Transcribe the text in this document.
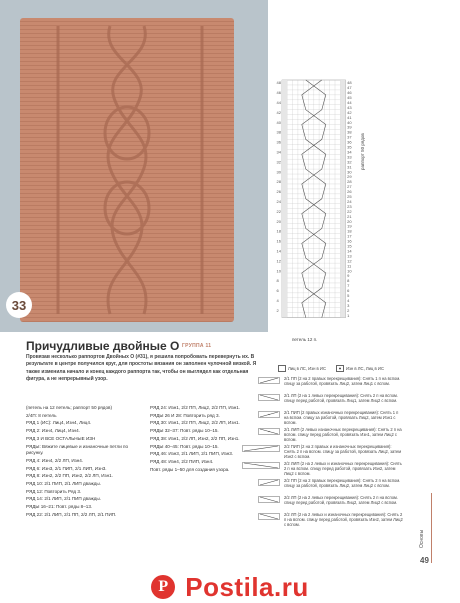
33
48
48
47
46
46
45
44
44
43
42
42
41
40
40
39
38
38
37
36
36
35
34
34
33
32
32
31
30
30
29
28
28
27
26
26
25
24
24
23
22
22
21
20
20
19
18
18
17
16
16
15
14
14
13
12
12
11
10
10
9
8
8
7
6
6
5
4
4
3
2
2
1
раппорт 50 рядов
петель 12 п.
Причудливые двойные О ГРУППА 11
Провязав несколько раппортов Двойных О (#31), я решила попробовать перевернуть их. В результате в центре получился круг, для простоты вязания он заполнен чулочной вязкой. Я также изменила начало и конец каждого раппорта так, чтобы он выглядел как отдельная фигура, а не непрерывный узор.

(петель на 12 петель; раппорт 50 рядов)

2/4П: 8 петель

РЯД 1 (ИС): Лиц4, Изн4, Лиц4.

РЯД 2: Изн4, Лиц4, Изн4.

РЯД 3 И ВСЕ ОСТАЛЬНЫЕ ИЗН

РЯДЫ: Вяжите лицевые и изнаночные петли по рисунку.

РЯД 4: Изн4, 2/2 ЛП, Изн4.

РЯД 6: Изн3, 2/1 ПИП, 2/1 ЛИП, Изн3.

РЯД 8: Изн2, 2/2 ПП, Изн2, 2/2 ЛП, Изн1.

РЯД 10: 2/1 ПИП, 2/1 ЛИП дважды.

РЯД 12: Повторить Ряд 3.

РЯД 14: 2/1 ЛИП, 2/1 ПИП дважды.

РЯДЫ 16–21: Повт. ряды 8–13.

РЯД 22: 2/1 ЛИП, 2/1 ПП, 2/2 ЛП, 2/1 ПИП.

РЯД 24: Изн1, 2/2 ПП, Лиц2, 2/2 ПП, Изн1.

РЯДЫ 26 И 28: Повторить ряд 3.

РЯД 30: Изн1, 2/2 ПП, Лиц2, 2/2 ЛП, Изн1.

РЯДЫ 32–37: Повт. ряды 10–15.

РЯД 38: Изн1, 2/2 ЛП, Изн2, 2/2 ПП, Изн1.

РЯДЫ 40–45: Повт. ряды 10–15.

РЯД 46: Изн3, 2/1 ЛИП, 2/1 ПИП, Изн3.

РЯД 48: Изн4, 2/2 ПИП, Изн4.

Повт. ряды 1–50 для создания узора.

Лиц в ЛС, Изн в ИС	Изн в ЛС, Лиц в ИС
2/1 ПП (2 на 2 правых перекрещивания): Снять 1 п на вспом. спицу за работой, провязать Лиц2, затем Лиц1 с вспом.
2/1 ЛП (2 на 1 левых перекрещивания): Снять 2 п на вспом. спицу перед работой, провязать Лиц1, затем Лиц2 с вспом.
2/1 ПИП (2 правых изнаночных перекрещивания): Снять 1 п на вспом. спицу за работой, провязать Лиц2, затем Изн1 с вспом.
2/1 ЛИП (2 левых изнаночных перекрещивания): Снять 2 п на вспом. спицу перед работой, провязать Изн1, затем Лиц2 с вспом.
2/2 ПИП (2 на 2 правых и изнаночных перекрещивания): Снять 2 п на вспом. спицу за работой, провязать Лиц2, затем Изн2 с вспом.
2/2 ЛИП (2 на 2 левых и изнаночных перекрещивания): Снять 2 п на вспом. спицу перед работой, провязать Изн2, затем Лиц2 с вспом.
2/2 ПП (2 на 2 правых перекрещивания): Снять 2 п на вспом. спицу за работой, провязать Лиц2, затем Лиц2 с вспом.
2/2 ЛП (2 на 2 левых перекрещивания): Снять 2 п на вспом. спицу перед работой, провязать Лиц2, затем Лиц2 с вспом.
2/2 ЛП (2 на 2 левых и изнаночных перекрещивания): Снять 2 п на вспом. спицу перед работой, провязать Изн2, затем Лиц2 с вспом.
Основы
49
P Postila.ru
